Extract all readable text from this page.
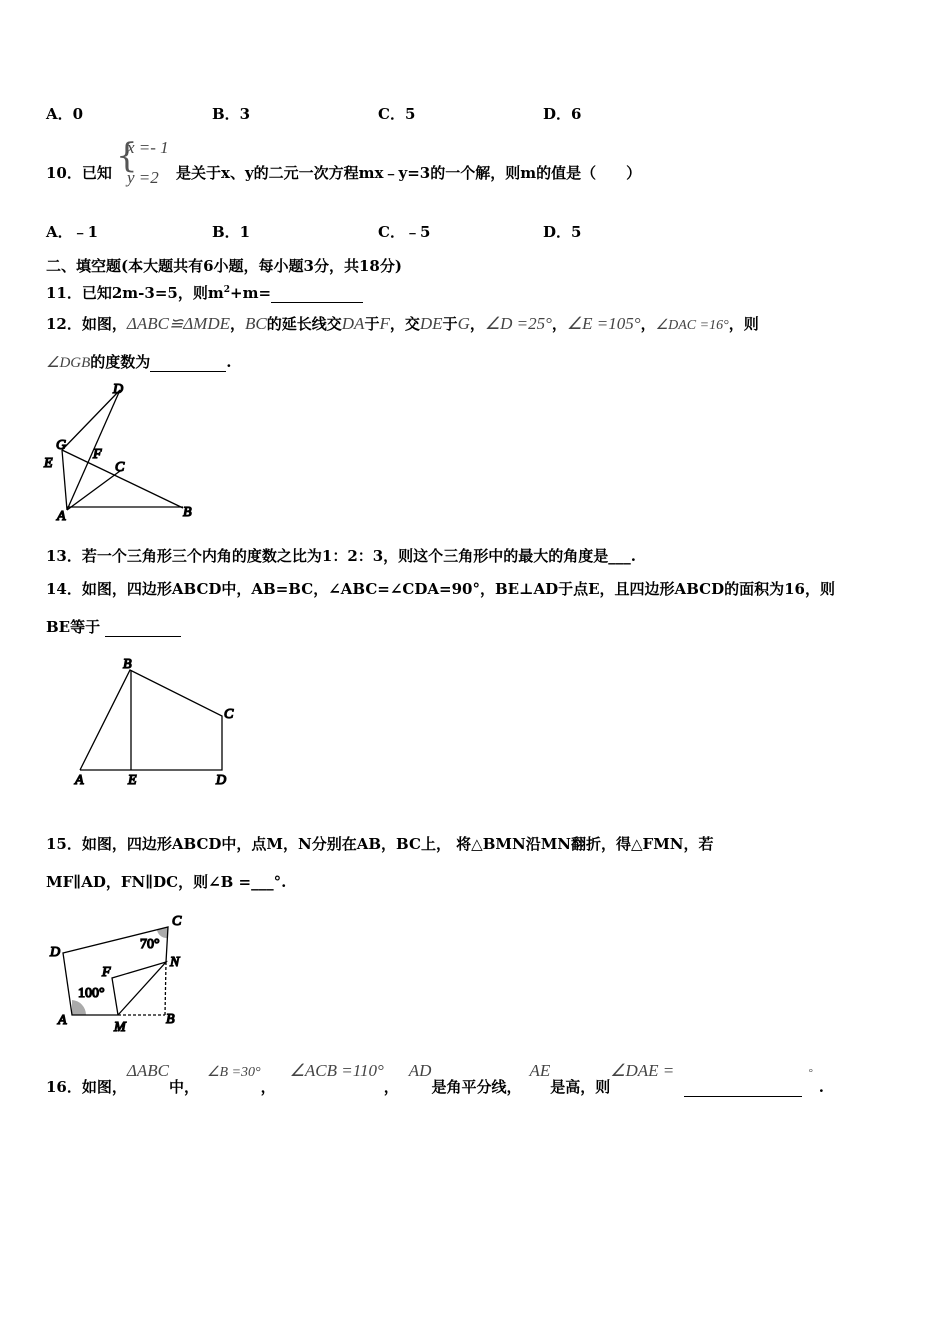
A．0	B．3	C．5	D．6
10．已知 {
x =- 1
y =2 是关于x、y的二元一次方程mx﹣y=3的一个解，则m的值是（　　）
A．﹣1	B．1	C．﹣5	D．5
二、填空题(本大题共有6小题，每小题3分，共18分)
11．已知2m-3=5，则$m^2+m=$
12．如图，ΔABC≌ΔMDE，BC的延长线交DA于F，交DE于G，∠D =25°，∠E =105°，∠DAC =16°，则
∠DGB的度数为	.
D
G
E
F
C
A	B
B
C
A	E	D
C
D
N
F
A	M
B
70°
100°
13．若一个三角形三个内角的度数之比为1：2：3，则这个三角形中的最大的角度是___.
14．如图，四边形ABCD中，AB=BC，∠ABC=∠CDA=90°，BE⊥AD于点E，且四边形ABCD的面积为16，则
BE等于
15．如图，四边形ABCD中，点M，N分别在AB，BC上， 将△BMN沿MN翻折，得△FMN，若
MF∥AD，FN∥DC，则∠B =___°.
16．如图，ΔABC中，∠B =30°，∠ACB =110°，AD是角平分线，AE是高，则∠DAE =	°.
